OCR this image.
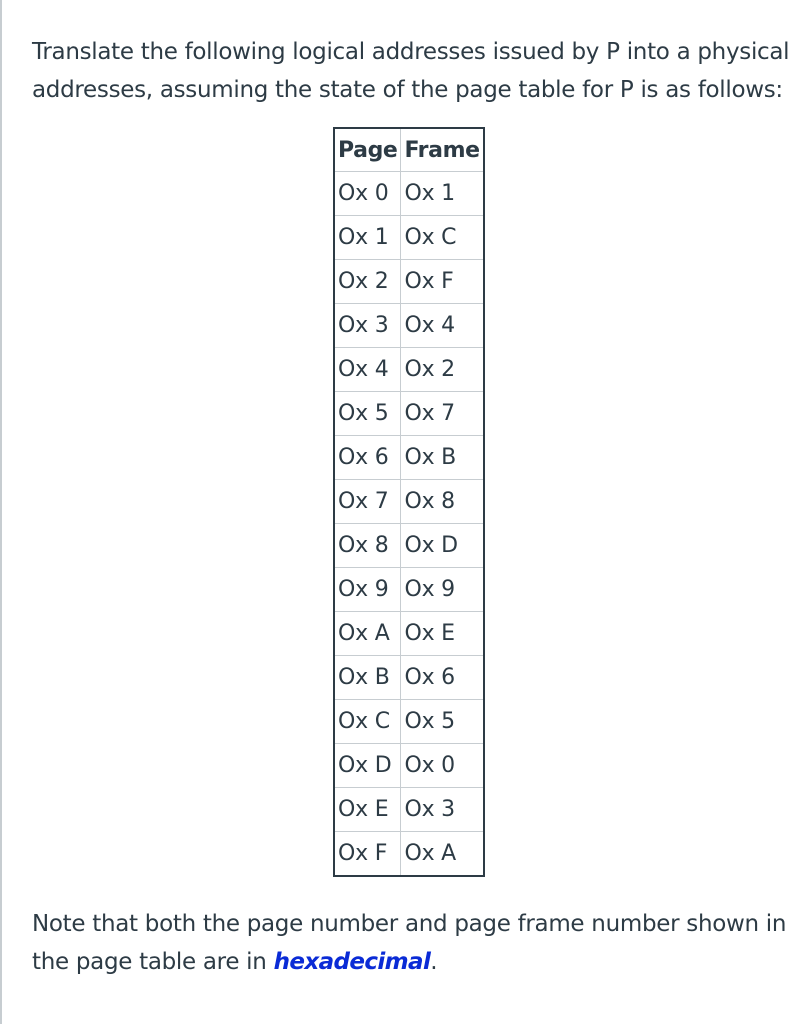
Translate the following logical addresses issued by P into a physical addresses, assuming the state of the page table for P is as follows:

Page	Frame
Ox 0	Ox 1
Ox 1	Ox C
Ox 2	Ox F
Ox 3	Ox 4
Ox 4	Ox 2
Ox 5	Ox 7
Ox 6	Ox B
Ox 7	Ox 8
Ox 8	Ox D
Ox 9	Ox 9
Ox A	Ox E
Ox B	Ox 6
Ox C	Ox 5
Ox D	Ox 0
Ox E	Ox 3
Ox F	Ox A

Note that both the page number and page frame number shown in the page table are in hexadecimal.
